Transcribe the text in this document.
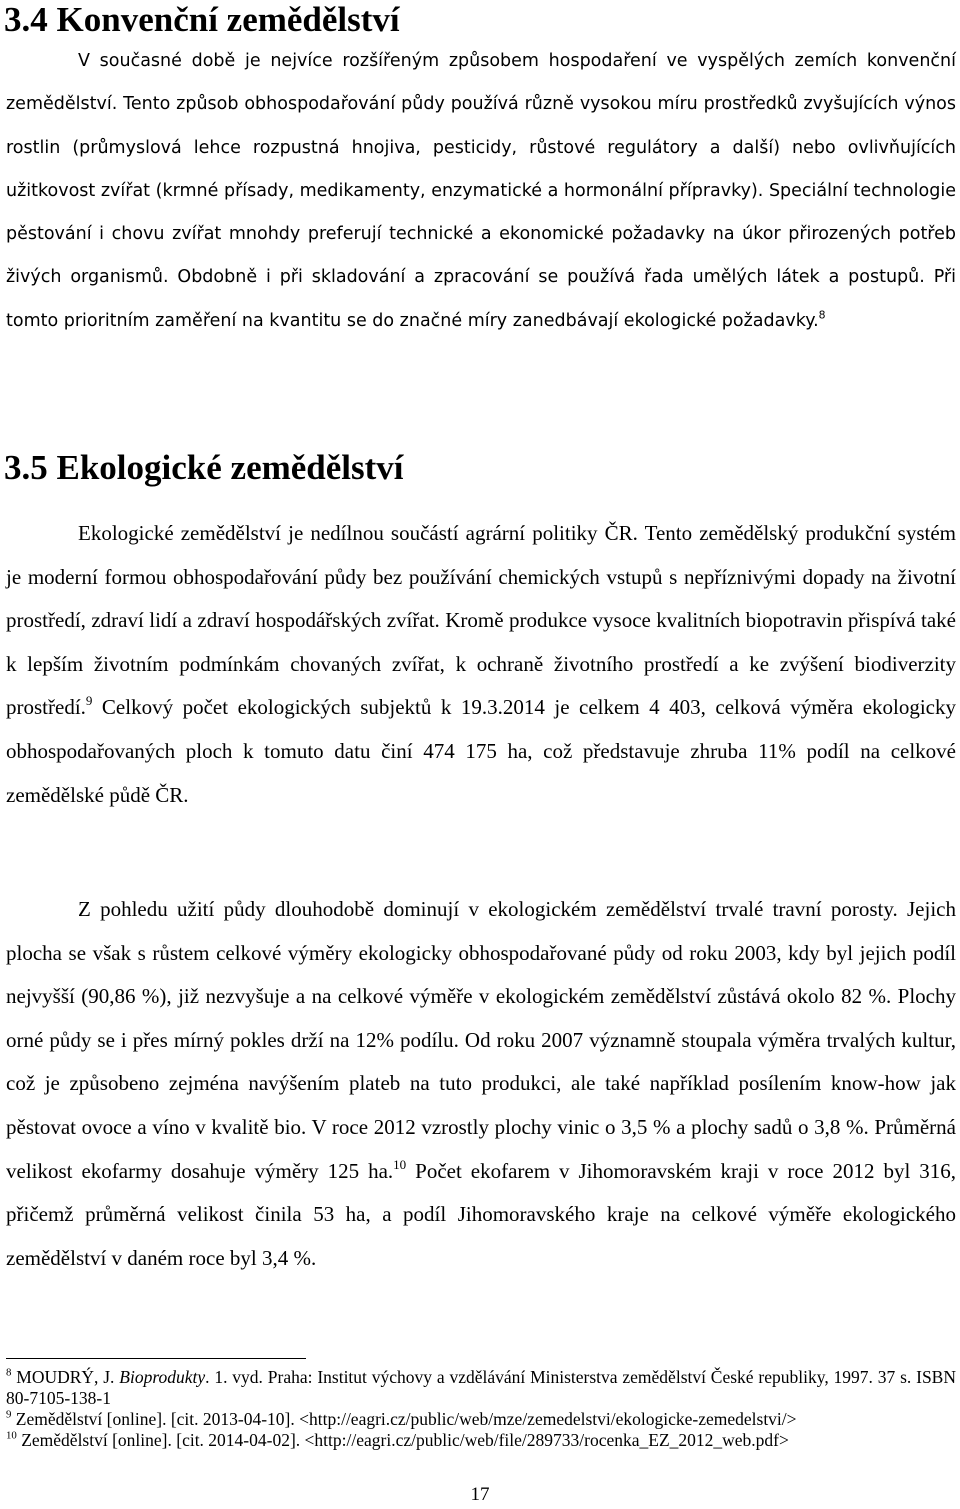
3.4 Konvenční zemědělství

V současné době je nejvíce rozšířeným způsobem hospodaření ve vyspělých zemích konvenční zemědělství. Tento způsob obhospodařování půdy používá různě vysokou míru prostředků zvyšujících výnos rostlin (průmyslová lehce rozpustná hnojiva, pesticidy, růstové regulátory a další) nebo ovlivňujících užitkovost zvířat (krmné přísady, medikamenty, enzymatické a hormonální přípravky). Speciální technologie pěstování i chovu zvířat mnohdy preferují technické a ekonomické požadavky na úkor přirozených potřeb živých organismů. Obdobně i při skladování a zpracování se používá řada umělých látek a postupů. Při tomto prioritním zaměření na kvantitu se do značné míry zanedbávají ekologické požadavky.$^8$

3.5 Ekologické zemědělství

Ekologické zemědělství je nedílnou součástí agrární politiky ČR. Tento zemědělský produkční systém je moderní formou obhospodařování půdy bez používání chemických vstupů s nepříznivými dopady na životní prostředí, zdraví lidí a zdraví hospodářských zvířat. Kromě produkce vysoce kvalitních biopotravin přispívá také k lepším životním podmínkám chovaných zvířat, k ochraně životního prostředí a ke zvýšení biodiverzity prostředí.$^9$ Celkový počet ekologických subjektů k 19.3.2014 je celkem 4 403, celková výměra ekologicky obhospodařovaných ploch k tomuto datu činí 474 175 ha, což představuje zhruba 11% podíl na celkové zemědělské půdě ČR.

Z pohledu užití půdy dlouhodobě dominují v ekologickém zemědělství trvalé travní porosty. Jejich plocha se však s růstem celkové výměry ekologicky obhospodařované půdy od roku 2003, kdy byl jejich podíl nejvyšší (90,86 %), již nezvyšuje a na celkové výměře v ekologickém zemědělství zůstává okolo 82 %. Plochy orné půdy se i přes mírný pokles drží na 12% podílu. Od roku 2007 významně stoupala výměra trvalých kultur, což je způsobeno zejména navýšením plateb na tuto produkci, ale také například posílením know-how jak pěstovat ovoce a víno v kvalitě bio. V roce 2012 vzrostly plochy vinic o 3,5 % a plochy sadů o 3,8 %. Průměrná velikost ekofarmy dosahuje výměry 125 ha.$^{10}$ Počet ekofarem v Jihomoravském kraji v roce 2012 byl 316, přičemž průměrná velikost činila 53 ha, a podíl Jihomoravského kraje na celkové výměře ekologického zemědělství v daném roce byl 3,4 %.

$^8$ MOUDRÝ, J. Bioprodukty. 1. vyd. Praha: Institut výchovy a vzdělávání Ministerstva zemědělství České republiky, 1997. 37 s. ISBN 80-7105-138-1

$^9$ Zemědělství [online]. [cit. 2013-04-10]. <http://eagri.cz/public/web/mze/zemedelstvi/ekologicke-zemedelstvi/>

$^{10}$ Zemědělství [online]. [cit. 2014-04-02]. <http://eagri.cz/public/web/file/289733/rocenka_EZ_2012_web.pdf>

17
